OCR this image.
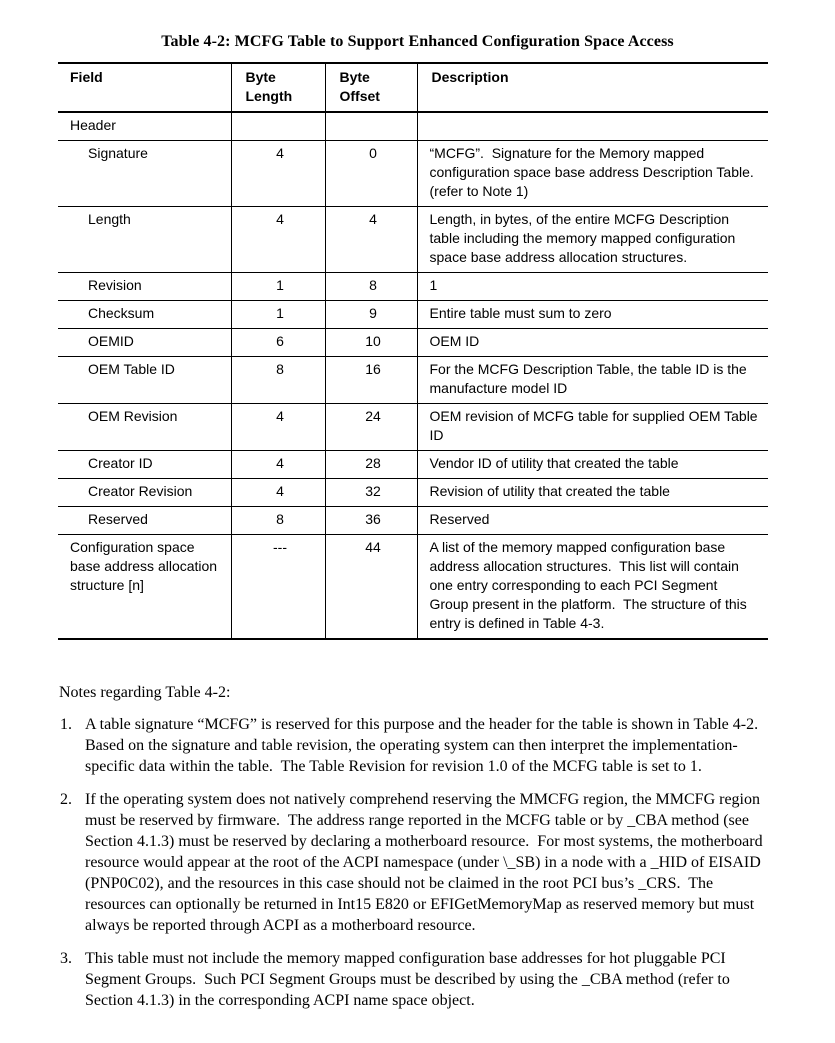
Table 4-2: MCFG Table to Support Enhanced Configuration Space Access
Field	Byte Length	Byte Offset	Description
Header			
Signature	4	0	“MCFG”.  Signature for the Memory mapped configuration space base address Description Table.  (refer to Note 1)
Length	4	4	Length, in bytes, of the entire MCFG Description table including the memory mapped configuration space base address allocation structures.
Revision	1	8	1
Checksum	1	9	Entire table must sum to zero
OEMID	6	10	OEM ID
OEM Table ID	8	16	For the MCFG Description Table, the table ID is the manufacture model ID
OEM Revision	4	24	OEM revision of MCFG table for supplied OEM Table ID
Creator ID	4	28	Vendor ID of utility that created the table
Creator Revision	4	32	Revision of utility that created the table
Reserved	8	36	Reserved
Configuration space base address allocation structure [n]	---	44	A list of the memory mapped configuration base address allocation structures.  This list will contain one entry corresponding to each PCI Segment Group present in the platform.  The structure of this entry is defined in Table 4-3.
Notes regarding Table 4-2:
1. A table signature “MCFG” is reserved for this purpose and the header for the table is shown in Table 4-2.  Based on the signature and table revision, the operating system can then interpret the implementation-specific data within the table.  The Table Revision for revision 1.0 of the MCFG table is set to 1.
2. If the operating system does not natively comprehend reserving the MMCFG region, the MMCFG region must be reserved by firmware.  The address range reported in the MCFG table or by _CBA method (see Section 4.1.3) must be reserved by declaring a motherboard resource.  For most systems, the motherboard resource would appear at the root of the ACPI namespace (under \_SB) in a node with a _HID of EISAID (PNP0C02), and the resources in this case should not be claimed in the root PCI bus’s _CRS.  The resources can optionally be returned in Int15 E820 or EFIGetMemoryMap as reserved memory but must always be reported through ACPI as a motherboard resource.
3. This table must not include the memory mapped configuration base addresses for hot pluggable PCI Segment Groups.  Such PCI Segment Groups must be described by using the _CBA method (refer to Section 4.1.3) in the corresponding ACPI name space object.
